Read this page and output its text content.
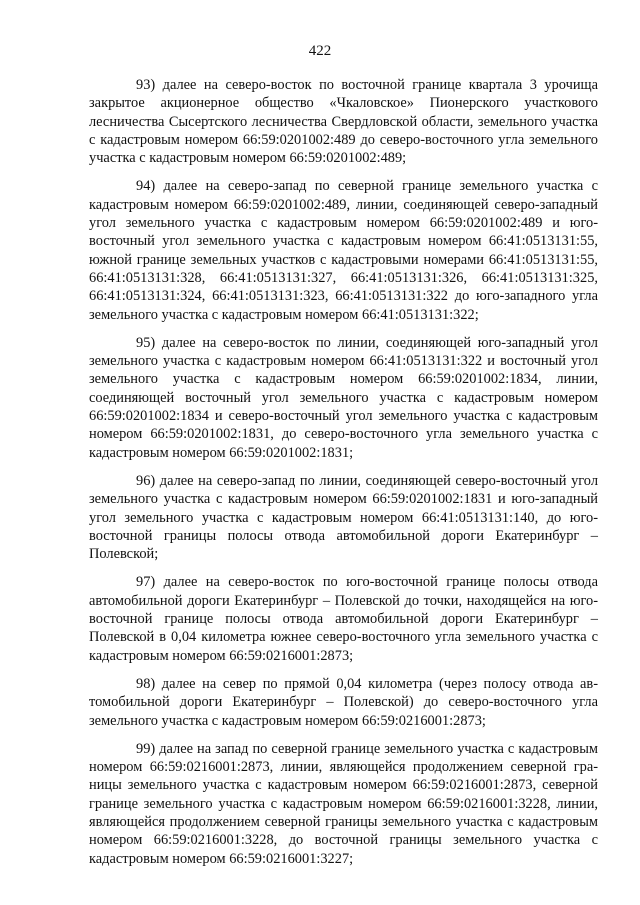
422

93) далее на северо-восток по восточной границе квартала 3 урочища закрытое акционерное общество «Чкаловское» Пионерского участкового лесничества Сысертского лесничества Свердловской области, земельного участка с кадастровым номером 66:59:0201002:489 до северо-восточного угла земельного участка с кадастровым номером 66:59:0201002:489;

94) далее на северо-запад по северной границе земельного участка с кадастровым номером 66:59:0201002:489, линии, соединяющей северо-западный угол земельного участка с кадастровым номером 66:59:0201002:489 и юго-восточный угол земельного участка с кадастровым номером 66:41:0513131:55, южной границе земельных участков с кадастровыми номерами 66:41:0513131:55, 66:41:0513131:328, 66:41:0513131:327, 66:41:0513131:326, 66:41:0513131:325, 66:41:0513131:324, 66:41:0513131:323, 66:41:0513131:322 до юго-западного угла земельного участка с кадастровым номером 66:41:0513131:322;

95) далее на северо-восток по линии, соединяющей юго-западный угол земельного участка с кадастровым номером 66:41:0513131:322 и восточный угол земельного участка с кадастровым номером 66:59:0201002:1834, линии, соединяющей восточный угол земельного участка с кадастровым номером 66:59:0201002:1834 и северо-восточный угол земельного участка с кадастровым номером 66:59:0201002:1831, до северо-восточного угла земельного участка с кадастровым номером 66:59:0201002:1831;

96) далее на северо-запад по линии, соединяющей северо-восточный угол земельного участка с кадастровым номером 66:59:0201002:1831 и юго-западный угол земельного участка с кадастровым номером 66:41:0513131:140, до юго-восточной границы полосы отвода автомобильной дороги Екатеринбург – Полевской;

97) далее на северо-восток по юго-восточной границе полосы отвода автомобильной дороги Екатеринбург – Полевской до точки, находящейся на юго-восточной границе полосы отвода автомобильной дороги Екатеринбург – Полевской в 0,04 километра южнее северо-восточного угла земельного участка с кадастровым номером 66:59:0216001:2873;

98) далее на север по прямой 0,04 километра (через полосу отвода автомобильной дороги Екатеринбург – Полевской) до северо-восточного угла земельного участка с кадастровым номером 66:59:0216001:2873;

99) далее на запад по северной границе земельного участка с кадастровым номером 66:59:0216001:2873, линии, являющейся продолжением северной границы земельного участка с кадастровым номером 66:59:0216001:2873, северной границе земельного участка с кадастровым номером 66:59:0216001:3228, линии, являющейся продолжением северной границы земельного участка с кадастровым номером 66:59:0216001:3228, до восточной границы земельного участка с кадастровым номером 66:59:0216001:3227;
